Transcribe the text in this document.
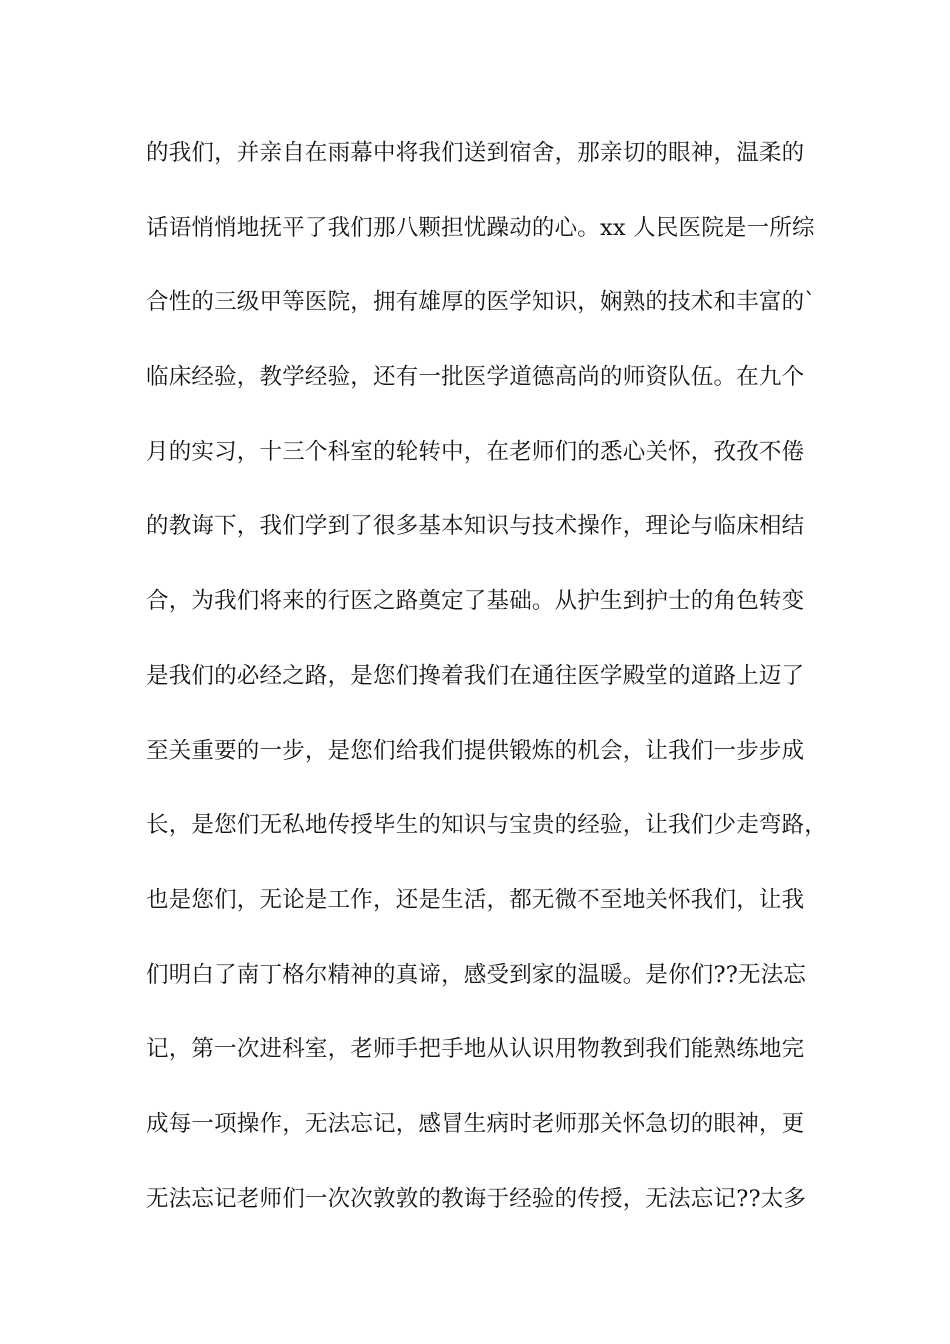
的我们，并亲自在雨幕中将我们送到宿舍，那亲切的眼神，温柔的
话语悄悄地抚平了我们那八颗担忧躁动的心。xx 人民医院是一所综
合性的三级甲等医院，拥有雄厚的医学知识，娴熟的技术和丰富的`
临床经验，教学经验，还有一批医学道德高尚的师资队伍。在九个
月的实习，十三个科室的轮转中，在老师们的悉心关怀，孜孜不倦
的教诲下，我们学到了很多基本知识与技术操作，理论与临床相结
合，为我们将来的行医之路奠定了基础。从护生到护士的角色转变
是我们的必经之路，是您们搀着我们在通往医学殿堂的道路上迈了
至关重要的一步，是您们给我们提供锻炼的机会，让我们一步步成
长，是您们无私地传授毕生的知识与宝贵的经验，让我们少走弯路，
也是您们，无论是工作，还是生活，都无微不至地关怀我们，让我
们明白了南丁格尔精神的真谛，感受到家的温暖。是你们??无法忘
记，第一次进科室，老师手把手地从认识用物教到我们能熟练地完
成每一项操作，无法忘记，感冒生病时老师那关怀急切的眼神，更
无法忘记老师们一次次敦敦的教诲于经验的传授，无法忘记??太多
